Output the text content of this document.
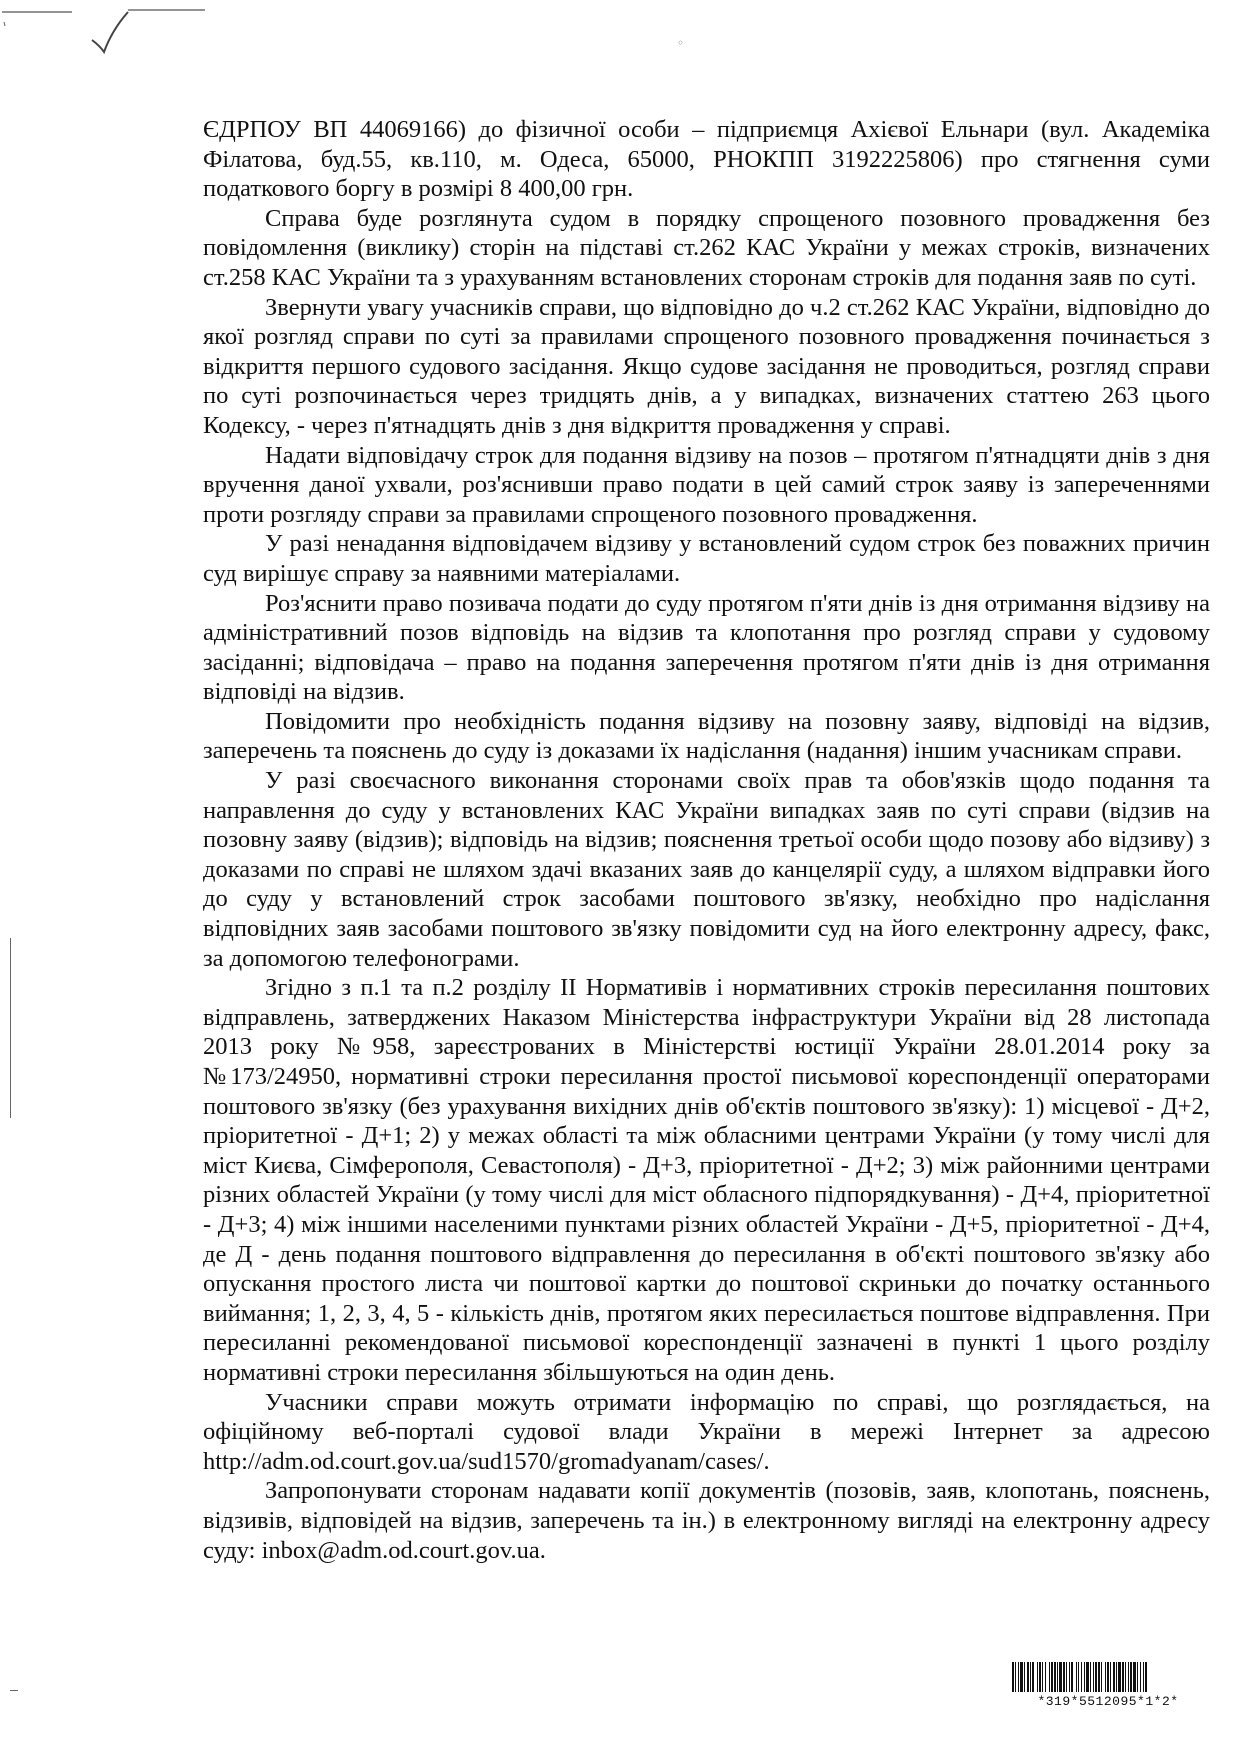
◦

ЄДРПОУ ВП 44069166) до фізичної особи – підприємця Ахієвої Ельнари (вул. Академіка Філатова, буд.55, кв.110, м. Одеса, 65000, РНОКПП 3192225806) про стягнення суми податкового боргу в розмірі 8 400,00 грн.

Справа буде розглянута судом в порядку спрощеного позовного провадження без повідомлення (виклику) сторін на підставі ст.262 КАС України у межах строків, визначених ст.258 КАС України та з урахуванням встановлених сторонам строків для подання заяв по суті.

Звернути увагу учасників справи, що відповідно до ч.2 ст.262 КАС України, відповідно до якої розгляд справи по суті за правилами спрощеного позовного провадження починається з відкриття першого судового засідання. Якщо судове засідання не проводиться, розгляд справи по суті розпочинається через тридцять днів, а у випадках, визначених статтею 263 цього Кодексу, - через п'ятнадцять днів з дня відкриття провадження у справі.

Надати відповідачу строк для подання відзиву на позов – протягом п'ятнадцяти днів з дня вручення даної ухвали, роз'яснивши право подати в цей самий строк заяву із запереченнями проти розгляду справи за правилами спрощеного позовного провадження.

У разі ненадання відповідачем відзиву у встановлений судом строк без поважних причин суд вирішує справу за наявними матеріалами.

Роз'яснити право позивача подати до суду протягом п'яти днів із дня отримання відзиву на адміністративний позов відповідь на відзив та клопотання про розгляд справи у судовому засіданні; відповідача – право на подання заперечення протягом п'яти днів із дня отримання відповіді на відзив.

Повідомити про необхідність подання відзиву на позовну заяву, відповіді на відзив, заперечень та пояснень до суду із доказами їх надіслання (надання) іншим учасникам справи.

У разі своєчасного виконання сторонами своїх прав та обов'язків щодо подання та направлення до суду у встановлених КАС України випадках заяв по суті справи (відзив на позовну заяву (відзив); відповідь на відзив; пояснення третьої особи щодо позову або відзиву) з доказами по справі не шляхом здачі вказаних заяв до канцелярії суду, а шляхом відправки його до суду у встановлений строк засобами поштового зв'язку, необхідно про надіслання відповідних заяв засобами поштового зв'язку повідомити суд на його електронну адресу, факс, за допомогою телефонограми.

Згідно з п.1 та п.2 розділу ІІ Нормативів і нормативних строків пересилання поштових відправлень, затверджених Наказом Міністерства інфраструктури України від 28 листопада 2013 року №958, зареєстрованих в Міністерстві юстиції України 28.01.2014 року за №173/24950, нормативні строки пересилання простої письмової кореспонденції операторами поштового зв'язку (без урахування вихідних днів об'єктів поштового зв'язку): 1) місцевої - Д+2, пріоритетної - Д+1; 2) у межах області та між обласними центрами України (у тому числі для міст Києва, Сімферополя, Севастополя) - Д+3, пріоритетної - Д+2; 3) між районними центрами різних областей України (у тому числі для міст обласного підпорядкування) - Д+4, пріоритетної - Д+3; 4) між іншими населеними пунктами різних областей України - Д+5, пріоритетної - Д+4, де Д - день подання поштового відправлення до пересилання в об'єкті поштового зв'язку або опускання простого листа чи поштової картки до поштової скриньки до початку останнього виймання; 1, 2, 3, 4, 5 - кількість днів, протягом яких пересилається поштове відправлення. При пересиланні рекомендованої письмової кореспонденції зазначені в пункті 1 цього розділу нормативні строки пересилання збільшуються на один день.

Учасники справи можуть отримати інформацію по справі, що розглядається, на офіційному веб-порталі судової влади України в мережі Інтернет за адресою http://adm.od.court.gov.ua/sud1570/gromadyanam/cases/.

Запропонувати сторонам надавати копії документів (позовів, заяв, клопотань, пояснень, відзивів, відповідей на відзив, заперечень та ін.) в електронному вигляді на електронну адресу суду: inbox@adm.od.court.gov.ua.

*319*5512095*1*2*
